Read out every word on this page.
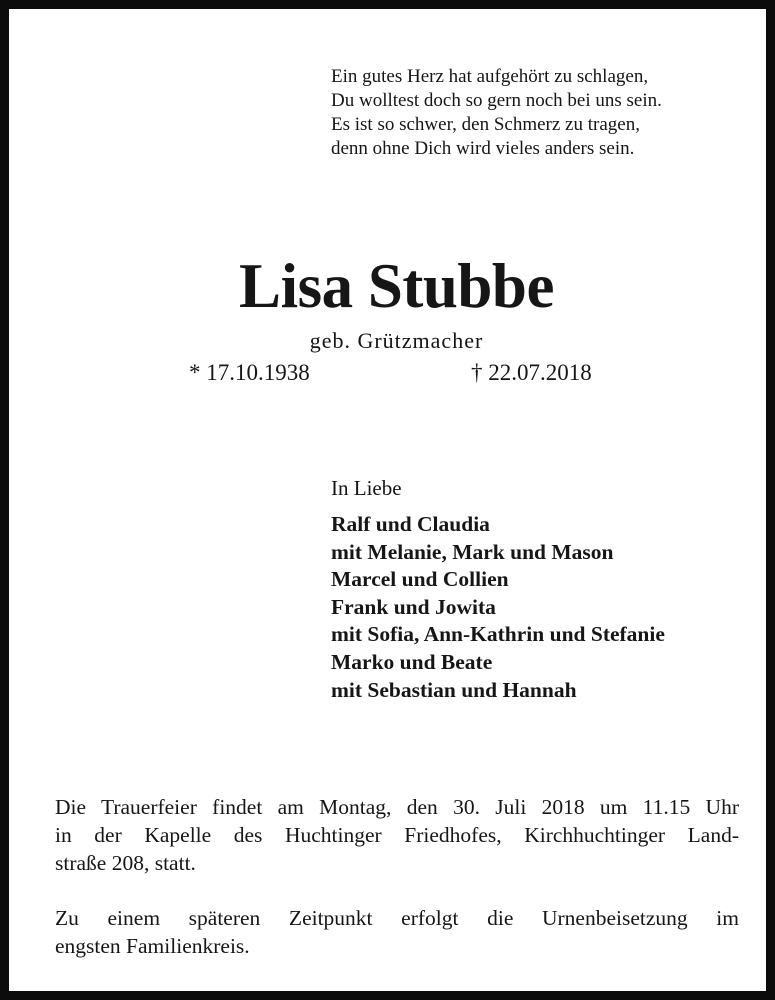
Ein gutes Herz hat aufgehört zu schlagen,
Du wolltest doch so gern noch bei uns sein.
Es ist so schwer, den Schmerz zu tragen,
denn ohne Dich wird vieles anders sein.
Lisa Stubbe
geb. Grützmacher
* 17.10.1938	† 22.07.2018
In Liebe
Ralf und Claudia
mit Melanie, Mark und Mason
Marcel und Collien
Frank und Jowita
mit Sofia, Ann-Kathrin und Stefanie
Marko und Beate
mit Sebastian und Hannah
Die Trauerfeier findet am Montag, den 30. Juli 2018 um 11.15 Uhr
in der Kapelle des Huchtinger Friedhofes, Kirchhuchtinger Land-
straße 208, statt.
Zu einem späteren Zeitpunkt erfolgt die Urnenbeisetzung im
engsten Familienkreis.
